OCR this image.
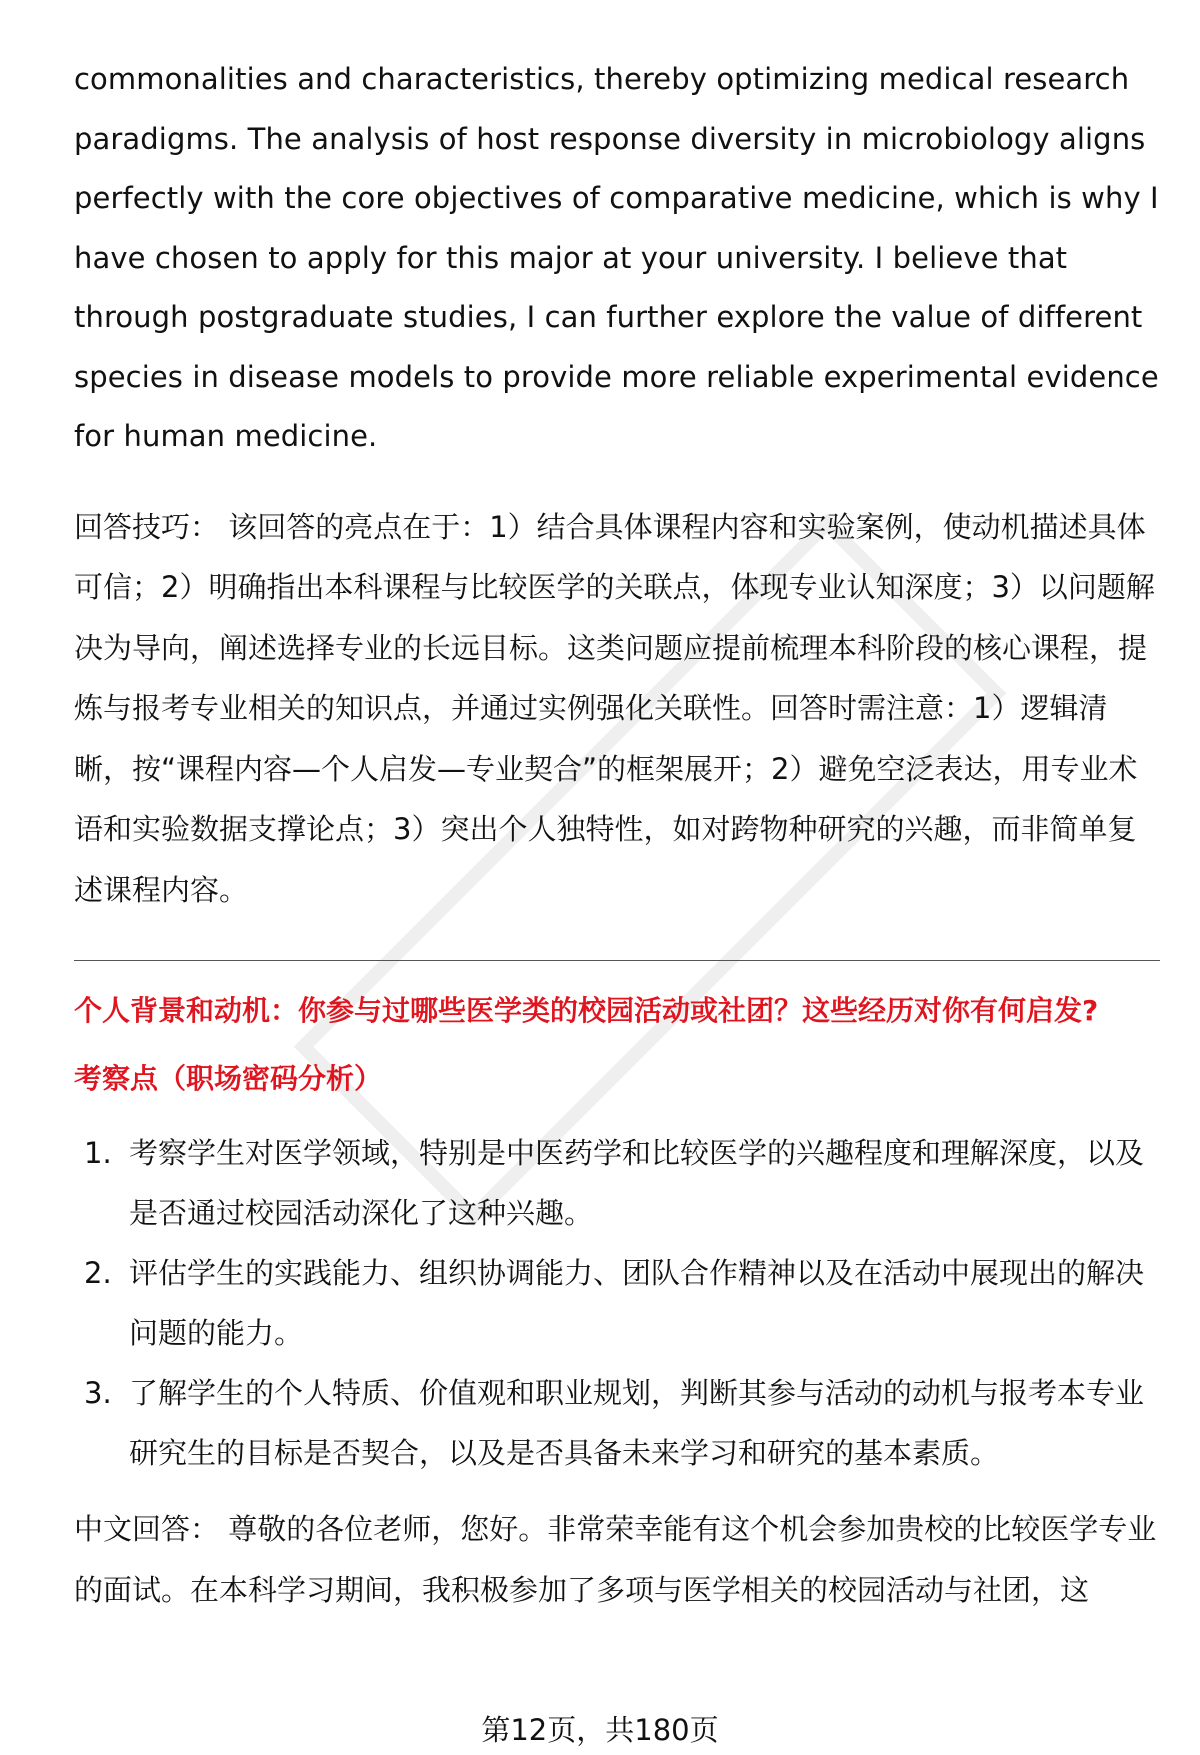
commonalities and characteristics, thereby optimizing medical research paradigms. The analysis of host response diversity in microbiology aligns perfectly with the core objectives of comparative medicine, which is why I have chosen to apply for this major at your university. I believe that through postgraduate studies, I can further explore the value of different species in disease models to provide more reliable experimental evidence for human medicine.

回答技巧： 该回答的亮点在于：1）结合具体课程内容和实验案例，使动机描述具体可信；2）明确指出本科课程与比较医学的关联点，体现专业认知深度；3）以问题解决为导向，阐述选择专业的长远目标。这类问题应提前梳理本科阶段的核心课程，提炼与报考专业相关的知识点，并通过实例强化关联性。回答时需注意：1）逻辑清晰，按“课程内容—个人启发—专业契合”的框架展开；2）避免空泛表达，用专业术语和实验数据支撑论点；3）突出个人独特性，如对跨物种研究的兴趣，而非简单复述课程内容。

个人背景和动机：你参与过哪些医学类的校园活动或社团？这些经历对你有何启发?

考察点（职场密码分析）

1. 考察学生对医学领域，特别是中医药学和比较医学的兴趣程度和理解深度，以及是否通过校园活动深化了这种兴趣。
2. 评估学生的实践能力、组织协调能力、团队合作精神以及在活动中展现出的解决问题的能力。
3. 了解学生的个人特质、价值观和职业规划，判断其参与活动的动机与报考本专业研究生的目标是否契合，以及是否具备未来学习和研究的基本素质。

中文回答： 尊敬的各位老师，您好。非常荣幸能有这个机会参加贵校的比较医学专业的面试。在本科学习期间，我积极参加了多项与医学相关的校园活动与社团，这

第12页，共180页
